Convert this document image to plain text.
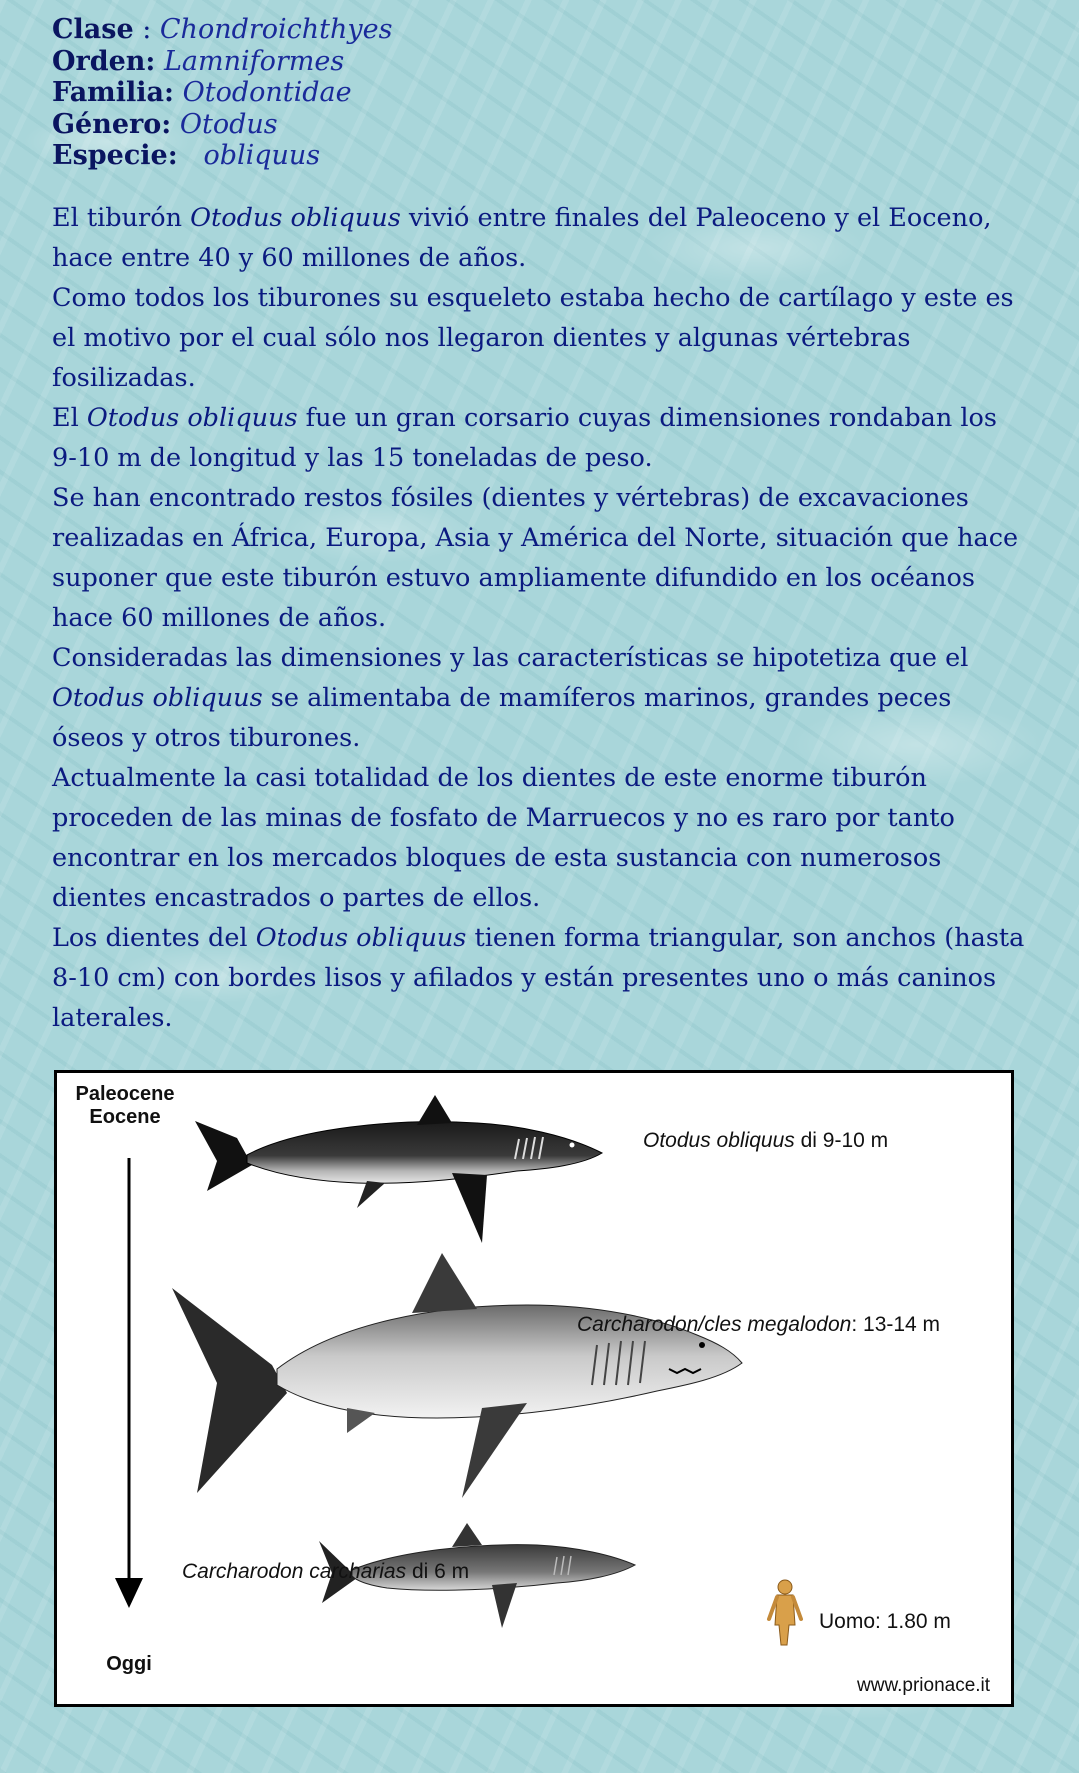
Clase : Chondroichthyes
Orden: Lamniformes
Familia: Otodontidae
Género: Otodus
Especie: obliquus

El tiburón Otodus obliquus vivió entre finales del Paleoceno y el Eoceno, hace entre 40 y 60 millones de años.

Como todos los tiburones su esqueleto estaba hecho de cartílago y este es el motivo por el cual sólo nos llegaron dientes y algunas vértebras fosilizadas.

El Otodus obliquus fue un gran corsario cuyas dimensiones rondaban los 9-10 m de longitud y las 15 toneladas de peso.

Se han encontrado restos fósiles (dientes y vértebras) de excavaciones realizadas en África, Europa, Asia y América del Norte, situación que hace suponer que este tiburón estuvo ampliamente difundido en los océanos hace 60 millones de años.

Consideradas las dimensiones y las características se hipotetiza que el Otodus obliquus se alimentaba de mamíferos marinos, grandes peces óseos y otros tiburones.

Actualmente la casi totalidad de los dientes de este enorme tiburón proceden de las minas de fosfato de Marruecos y no es raro por tanto encontrar en los mercados bloques de esta sustancia con numerosos dientes encastrados o partes de ellos.

Los dientes del Otodus obliquus tienen forma triangular, son anchos (hasta 8-10 cm) con bordes lisos y afilados y están presentes uno o más caninos laterales.

Paleocene
Eocene
Oggi
Otodus obliquus di 9-10 m
Carcharodon/cles megalodon: 13-14 m
Carcharodon carcharias di 6 m
Uomo: 1.80 m
www.prionace.it
